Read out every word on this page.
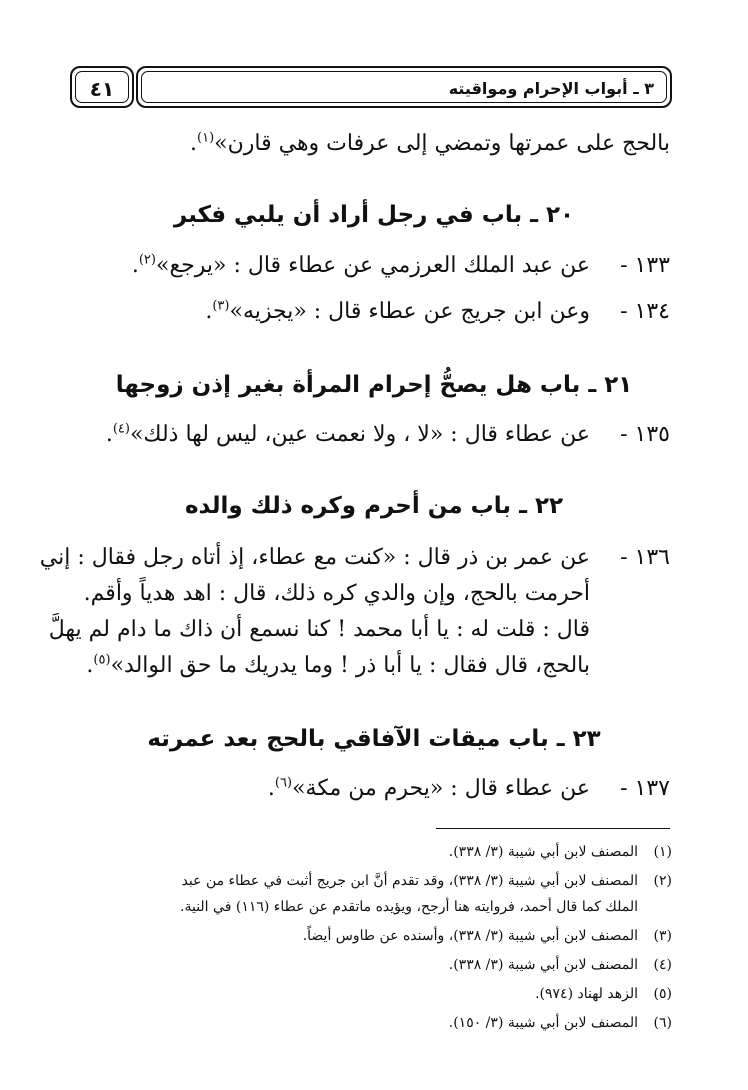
٣ ـ أبواب الإحرام ومواقيته
٤١
بالحج على عمرتها وتمضي إلى عرفات وهي قارن»$^{(١)}$.
٢٠ ـ باب في رجل أراد أن يلبي فكبر
١٣٣ -عن عبد الملك العرزمي عن عطاء قال : «يرجع»$^{(٢)}$.
١٣٤ -وعن ابن جريج عن عطاء قال : «يجزيه»$^{(٣)}$.
٢١ ـ باب هل يصحُّ إحرام المرأة بغير إذن زوجها
١٣٥ -عن عطاء قال : «لا ، ولا نعمت عين، ليس لها ذلك»$^{(٤)}$.
٢٢ ـ باب من أحرم وكره ذلك والده
١٣٦ -عن عمر بن ذر قال : «كنت مع عطاء، إذ أتاه رجل فقال : إني
أحرمت بالحج، وإن والدي كره ذلك، قال : اهد هدياً وأقم.
قال : قلت له : يا أبا محمد ! كنا نسمع أن ذاك ما دام لم يهلَّ
بالحج، قال فقال : يا أبا ذر ! وما يدريك ما حق الوالد»$^{(٥)}$.
٢٣ ـ باب ميقات الآفاقي بالحج بعد عمرته
١٣٧ -عن عطاء قال : «يحرم من مكة»$^{(٦)}$.
(١)المصنف لابن أبي شيبة (٣/ ٣٣٨).
(٢)المصنف لابن أبي شيبة (٣/ ٣٣٨)، وقد تقدم أنَّ ابن جريج أثبت في عطاء من عبد
الملك كما قال أحمد، فروايته هنا أرجح، ويؤيده ماتقدم عن عطاء (١١٦) في النية.
(٣)المصنف لابن أبي شيبة (٣/ ٣٣٨)، وأسنده عن طاوس أيضاً.
(٤)المصنف لابن أبي شيبة (٣/ ٣٣٨).
(٥)الزهد لهناد (٩٧٤).
(٦)المصنف لابن أبي شيبة (٣/ ١٥٠).
